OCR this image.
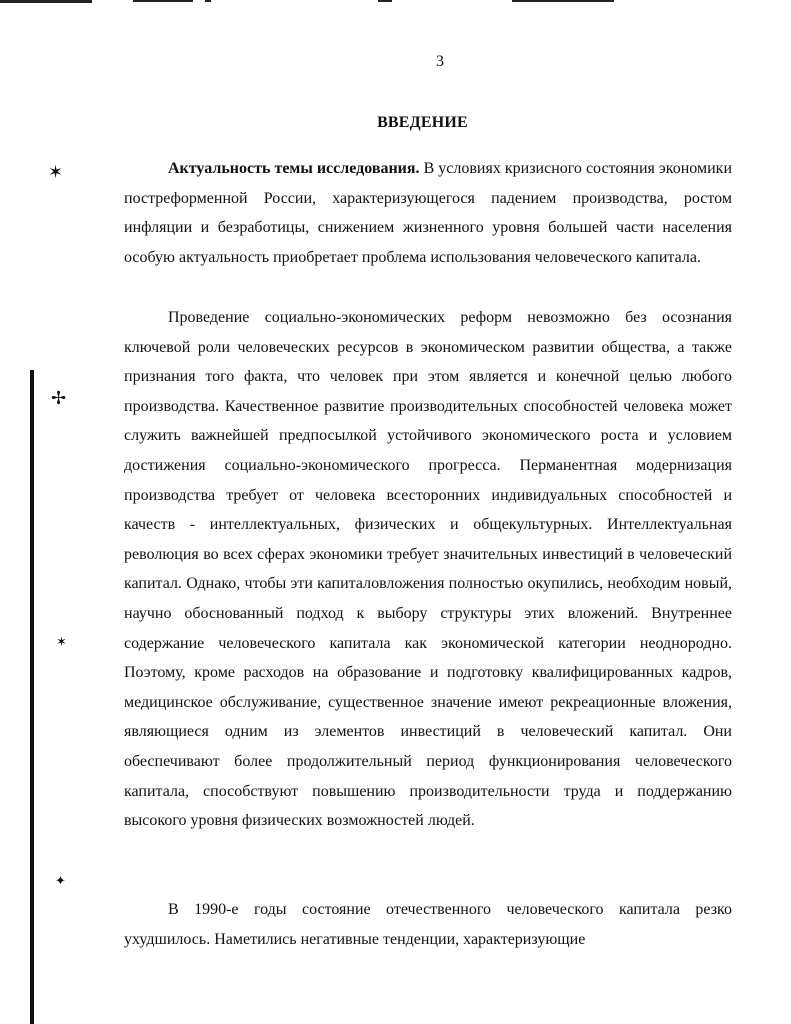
✶
✢
✶
✦
3
ВВЕДЕНИЕ

Актуальность темы исследования. В условиях кризисного состояния экономики постреформенной России, характеризующегося падением производства, ростом инфляции и безработицы, снижением жизненного уровня большей части населения особую актуальность приобретает проблема использования человеческого капитала.

Проведение социально-экономических реформ невозможно без осознания ключевой роли человеческих ресурсов в экономическом развитии общества, а также признания того факта, что человек при этом является и конечной целью любого производства. Качественное развитие производительных способностей человека может служить важнейшей предпосылкой устойчивого экономического роста и условием достижения социально-экономического прогресса. Перманентная модернизация производства требует от человека всесторонних индивидуальных способностей и качеств - интеллектуальных, физических и общекультурных. Интеллектуальная революция во всех сферах экономики требует значительных инвестиций в человеческий капитал. Однако, чтобы эти капиталовложения полностью окупились, необходим новый, научно обоснованный подход к выбору структуры этих вложений. Внутреннее содержание человеческого капитала как экономической категории неоднородно. Поэтому, кроме расходов на образование и подготовку квалифицированных кадров, медицинское обслуживание, существенное значение имеют рекреационные вложения, являющиеся одним из элементов инвестиций в человеческий капитал. Они обеспечивают более продолжительный период функционирования человеческого капитала, способствуют повышению производительности труда и поддержанию высокого уровня физических возможностей людей.

В 1990-е годы состояние отечественного человеческого капитала резко ухудшилось. Наметились негативные тенденции, характеризующие
